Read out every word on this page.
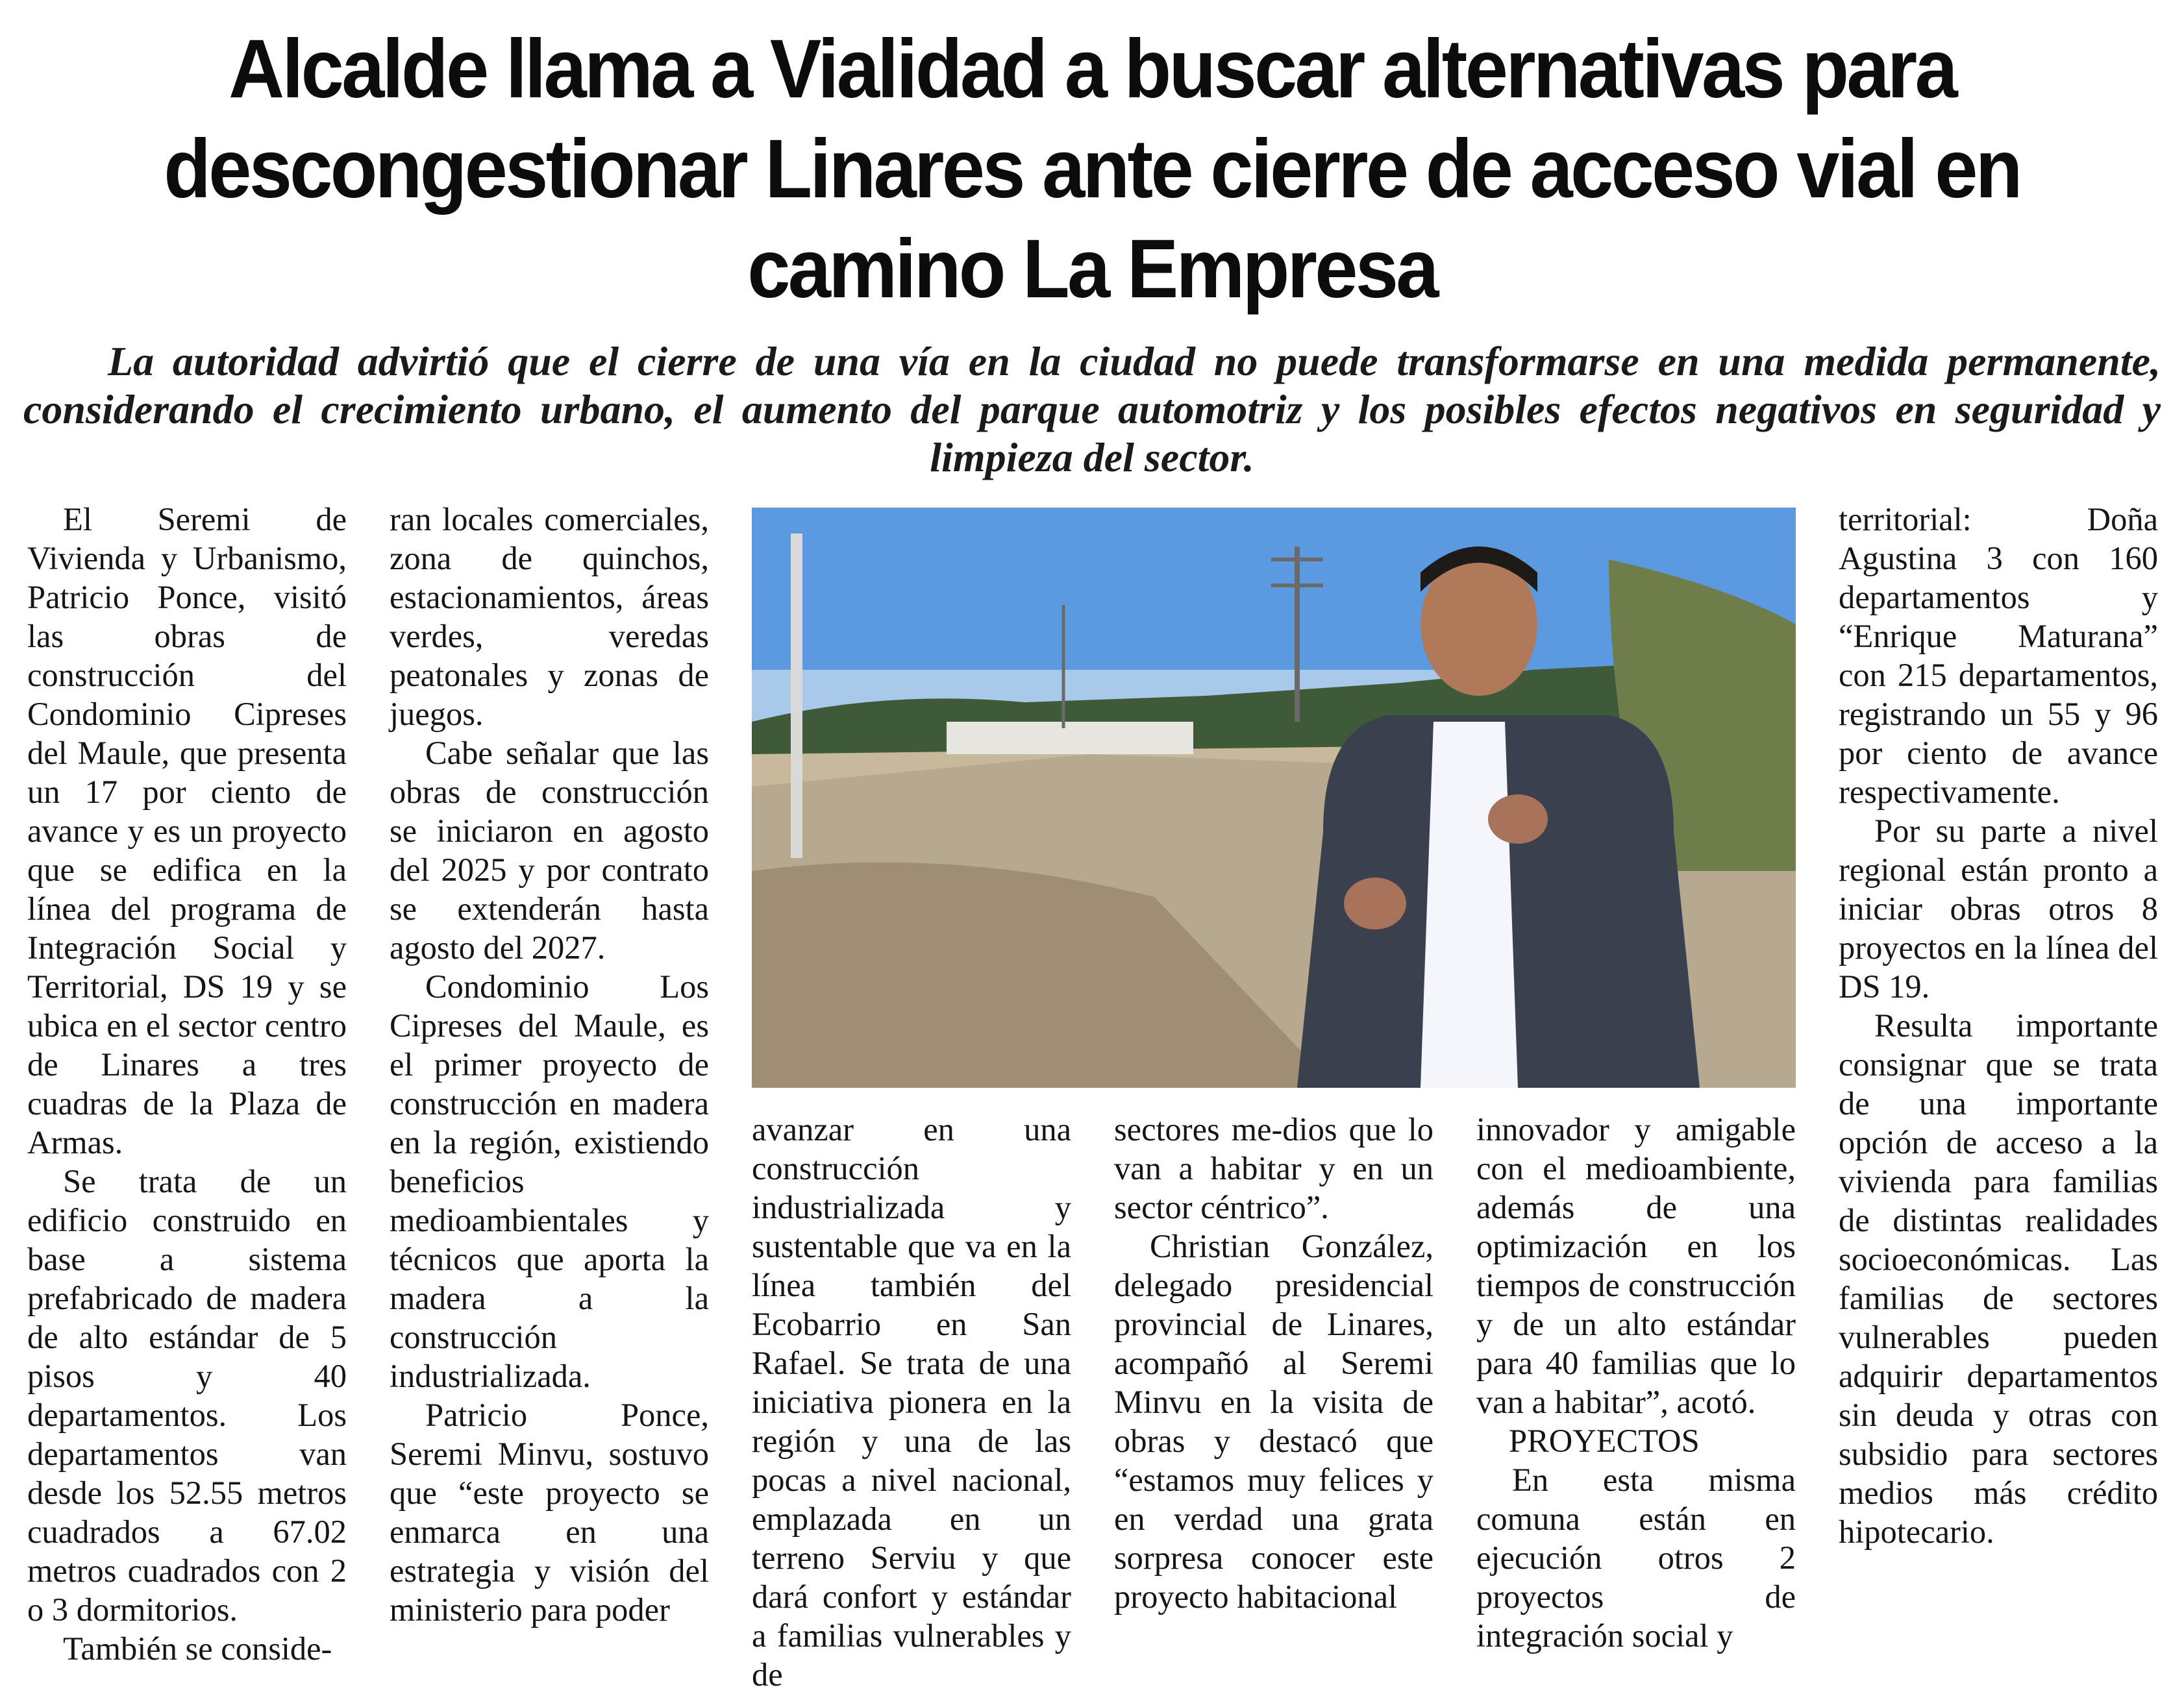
Alcalde llama a Vialidad a buscar alternativas para
descongestionar Linares ante cierre de acceso vial en
camino La Empresa

La autoridad advirtió que el cierre de una vía en la ciudad no puede transformarse en una medida permanente, considerando el crecimiento urbano, el aumento del parque automotriz y los posibles efectos negativos en seguridad y limpieza del sector.

El Seremi de Vivienda y Urbanismo, Patricio Ponce, visitó las obras de construcción del Condominio Cipreses del Maule, que presenta un 17 por ciento de avance y es un proyecto que se edifica en la línea del programa de Integración Social y Territorial, DS 19 y se ubica en el sector centro de Linares a tres cuadras de la Plaza de Armas.

Se trata de un edificio construido en base a sistema prefabricado de madera de alto estándar de 5 pisos y 40 departamentos. Los departamentos van desde los 52.55 metros cuadrados a 67.02 metros cuadrados con 2 o 3 dormitorios.

También se conside-

ran locales comerciales, zona de quinchos, estacionamientos, áreas verdes, veredas peatonales y zonas de juegos.

Cabe señalar que las obras de construcción se iniciaron en agosto del 2025 y por contrato se extenderán hasta agosto del 2027.

Condominio Los Cipreses del Maule, es el primer proyecto de construcción en madera en la región, existiendo beneficios medioambientales y técnicos que aporta la madera a la construcción industrializada.

Patricio Ponce, Seremi Minvu, sostuvo que “este proyecto se enmarca en una estrategia y visión del ministerio para poder

avanzar en una construcción industrializada y sustentable que va en la línea también del Ecobarrio en San Rafael. Se trata de una iniciativa pionera en la región y una de las pocas a nivel nacional, emplazada en un terreno Serviu y que dará confort y estándar a familias vulnerables y de

sectores me-dios que lo van a habitar y en un sector céntrico”.

Christian González, delegado presidencial provincial de Linares, acompañó al Seremi Minvu en la visita de obras y destacó que “estamos muy felices y en verdad una grata sorpresa conocer este proyecto habitacional

innovador y amigable con el medioambiente, además de una optimización en los tiempos de construcción y de un alto estándar para 40 familias que lo van a habitar”, acotó.

PROYECTOS

En esta misma comuna están en ejecución otros 2 proyectos de integración social y

territorial: Doña Agustina 3 con 160 departamentos y “Enrique Maturana” con 215 departamentos, registrando un 55 y 96 por ciento de avance respectivamente.

Por su parte a nivel regional están pronto a iniciar obras otros 8 proyectos en la línea del DS 19.

Resulta importante consignar que se trata de una importante opción de acceso a la vivienda para familias de distintas realidades socioeconómicas. Las familias de sectores vulnerables pueden adquirir departamentos sin deuda y otras con subsidio para sectores medios más crédito hipotecario.
